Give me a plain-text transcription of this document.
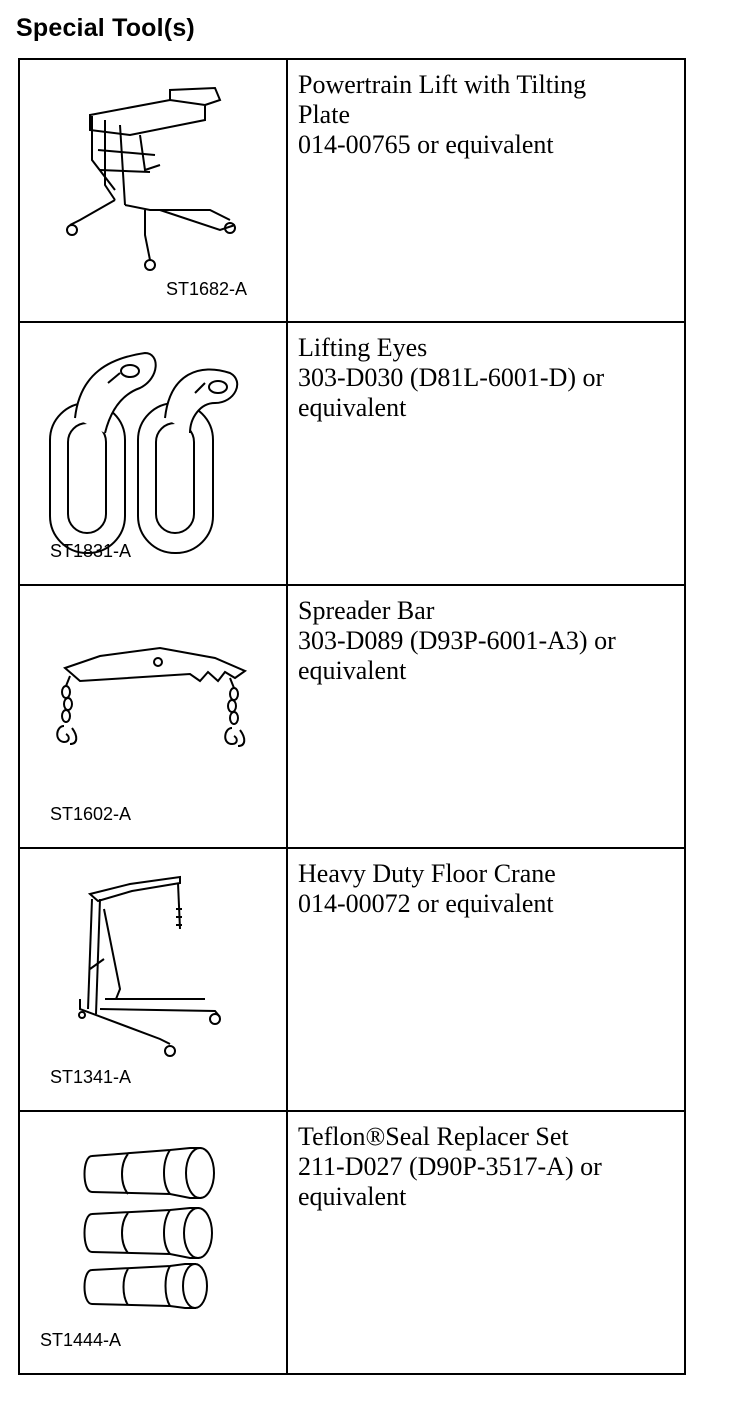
Special Tool(s)
ST1682-A	Powertrain Lift with Tilting
Plate
014-00765 or equivalent

ST1831-A	Lifting Eyes
303-D030 (D81L-6001-D) or
equivalent

ST1602-A	Spreader Bar
303-D089 (D93P-6001-A3) or
equivalent

ST1341-A	Heavy Duty Floor Crane
014-00072 or equivalent

ST1444-A	Teflon®Seal Replacer Set
211-D027 (D90P-3517-A) or
equivalent
